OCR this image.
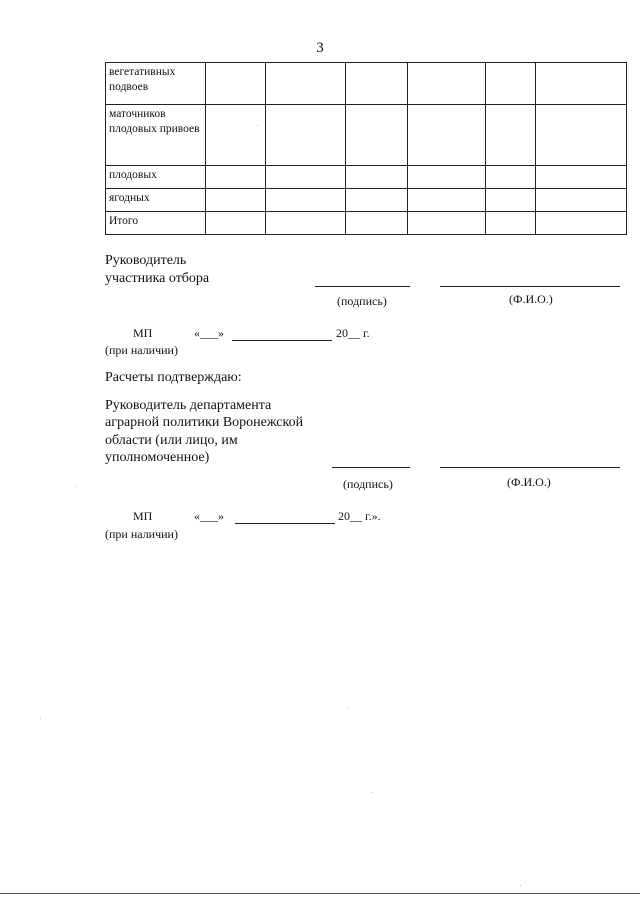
3
вегетативных подвоев						
маточников плодовых привоев						
плодовых						
ягодных						
Итого						
Руководитель
участника отбора
(подпись)	(Ф.И.О.)
МП	«___»	20__ г.
(при наличии)
Расчеты подтверждаю:
Руководитель департамента
аграрной политики Воронежской
области (или лицо, им
уполномоченное)
(подпись)	(Ф.И.О.)
МП	«___»	20__ г.».
(при наличии)
